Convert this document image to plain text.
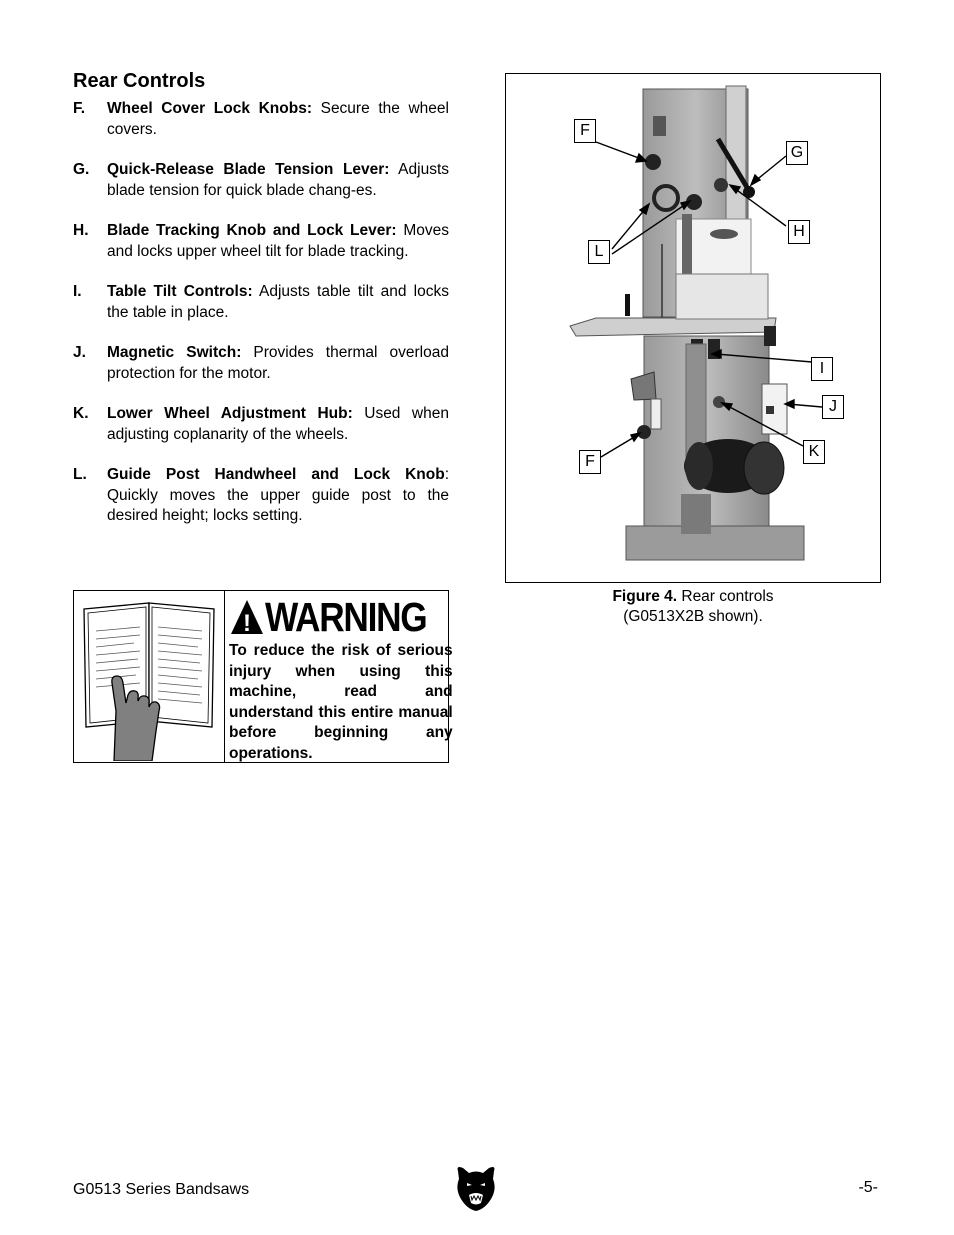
Rear Controls
F.	Wheel Cover Lock Knobs: Secure the wheel covers.
G.	Quick-Release Blade Tension Lever: Adjusts blade tension for quick blade chang-es.
H.	Blade Tracking Knob and Lock Lever: Moves and locks upper wheel tilt for blade tracking.
I.	Table Tilt Controls: Adjusts table tilt and locks the table in place.
J.	Magnetic Switch: Provides thermal overload protection for the motor.
K.	Lower Wheel Adjustment Hub: Used when adjusting coplanarity of the wheels.
L.	Guide Post Handwheel and Lock Knob: Quickly moves the upper guide post to the desired height; locks setting.
! WARNING
To reduce the risk of serious injury when using this machine, read and understand this entire manual before beginning any operations.
F
G
H
L
I
J
K
F
Figure 4. Rear controls
(G0513X2B shown).
G0513 Series Bandsaws	-5-
